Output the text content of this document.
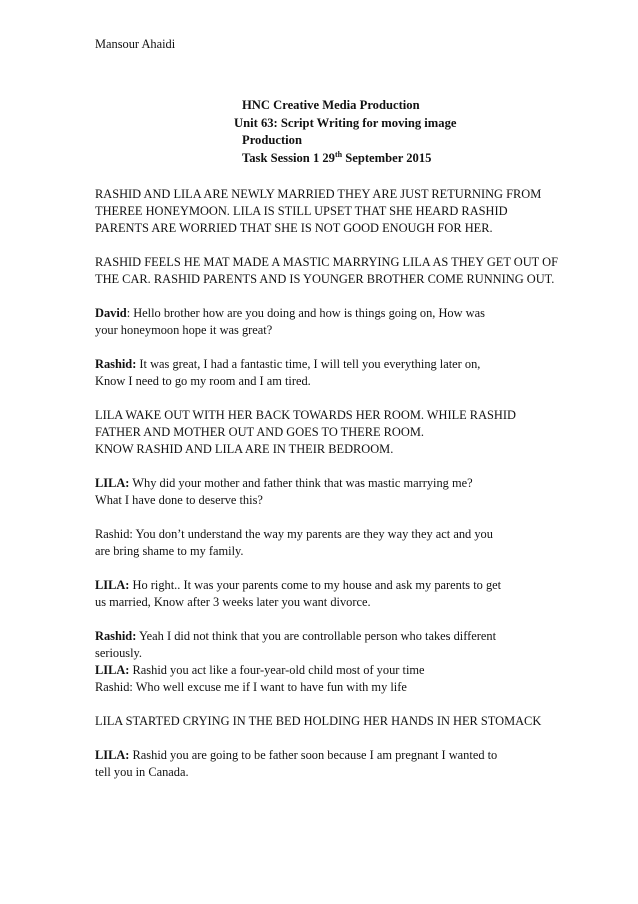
Mansour Ahaidi
HNC Creative Media Production
Unit 63: Script Writing for moving image
Production
Task Session 1 29th September 2015

RASHID AND LILA ARE NEWLY MARRIED THEY ARE JUST RETURNING FROM
THEREE HONEYMOON. LILA IS STILL UPSET THAT SHE HEARD RASHID
PARENTS ARE WORRIED THAT SHE IS NOT GOOD ENOUGH FOR HER.

RASHID FEELS HE MAT MADE A MASTIC MARRYING LILA AS THEY GET OUT OF
THE CAR. RASHID PARENTS AND IS YOUNGER BROTHER COME RUNNING OUT.

David: Hello brother how are you doing and how is things going on, How was
your honeymoon hope it was great?

Rashid: It was great, I had a fantastic time, I will tell you everything later on,
Know I need to go my room and I am tired.

LILA WAKE OUT WITH HER BACK TOWARDS HER ROOM. WHILE RASHID
FATHER AND MOTHER OUT AND GOES TO THERE ROOM.
KNOW RASHID AND LILA ARE IN THEIR BEDROOM.

LILA: Why did your mother and father think that was mastic marrying me?
What I have done to deserve this?

Rashid: You don’t understand the way my parents are they way they act and you
are bring shame to my family.

LILA: Ho right.. It was your parents come to my house and ask my parents to get
us married, Know after 3 weeks later you want divorce.

Rashid: Yeah I did not think that you are controllable person who takes different
seriously.

LILA: Rashid you act like a four-year-old child most of your time

Rashid: Who well excuse me if I want to have fun with my life

LILA STARTED CRYING IN THE BED HOLDING HER HANDS IN HER STOMACK

LILA: Rashid you are going to be father soon because I am pregnant I wanted to
tell you in Canada.
